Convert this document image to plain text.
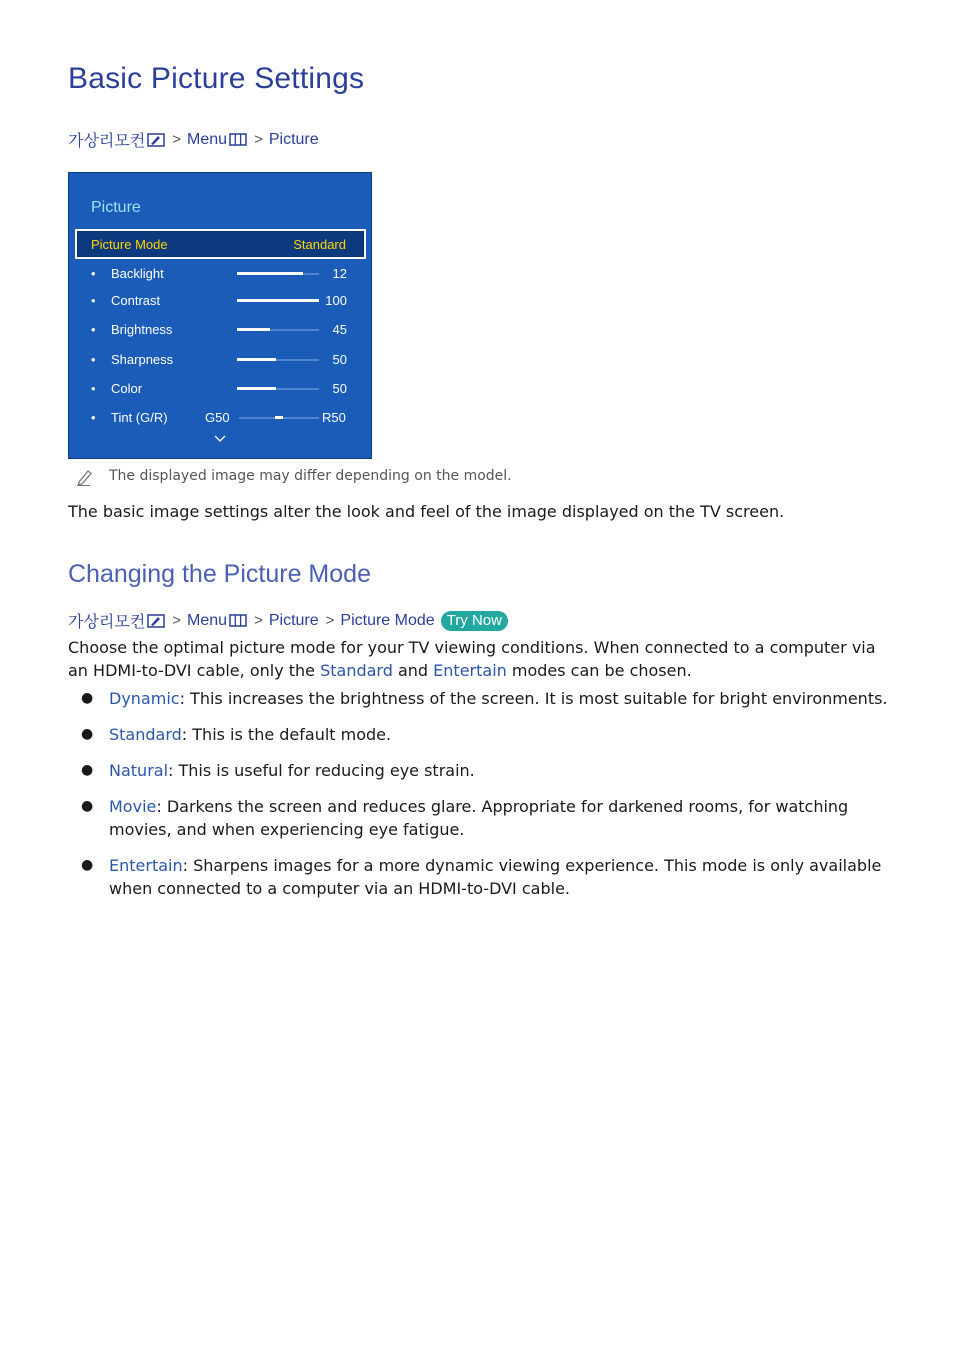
Basic Picture Settings
가상리모컨 > Menu > Picture
Picture
Picture Mode	Standard
• Backlight	12
• Contrast	100
• Brightness	45
• Sharpness	50
• Color	50
• Tint (G/R)	G50	R50
The displayed image may differ depending on the model.
The basic image settings alter the look and feel of the image displayed on the TV screen.
Changing the Picture Mode
가상리모컨 > Menu > Picture > Picture Mode Try Now
Choose the optimal picture mode for your TV viewing conditions. When connected to a computer via an HDMI-to-DVI cable, only the Standard and Entertain modes can be chosen.
● Dynamic: This increases the brightness of the screen. It is most suitable for bright environments.
● Standard: This is the default mode.
● Natural: This is useful for reducing eye strain.
● Movie: Darkens the screen and reduces glare. Appropriate for darkened rooms, for watching movies, and when experiencing eye fatigue.
● Entertain: Sharpens images for a more dynamic viewing experience. This mode is only available when connected to a computer via an HDMI-to-DVI cable.
